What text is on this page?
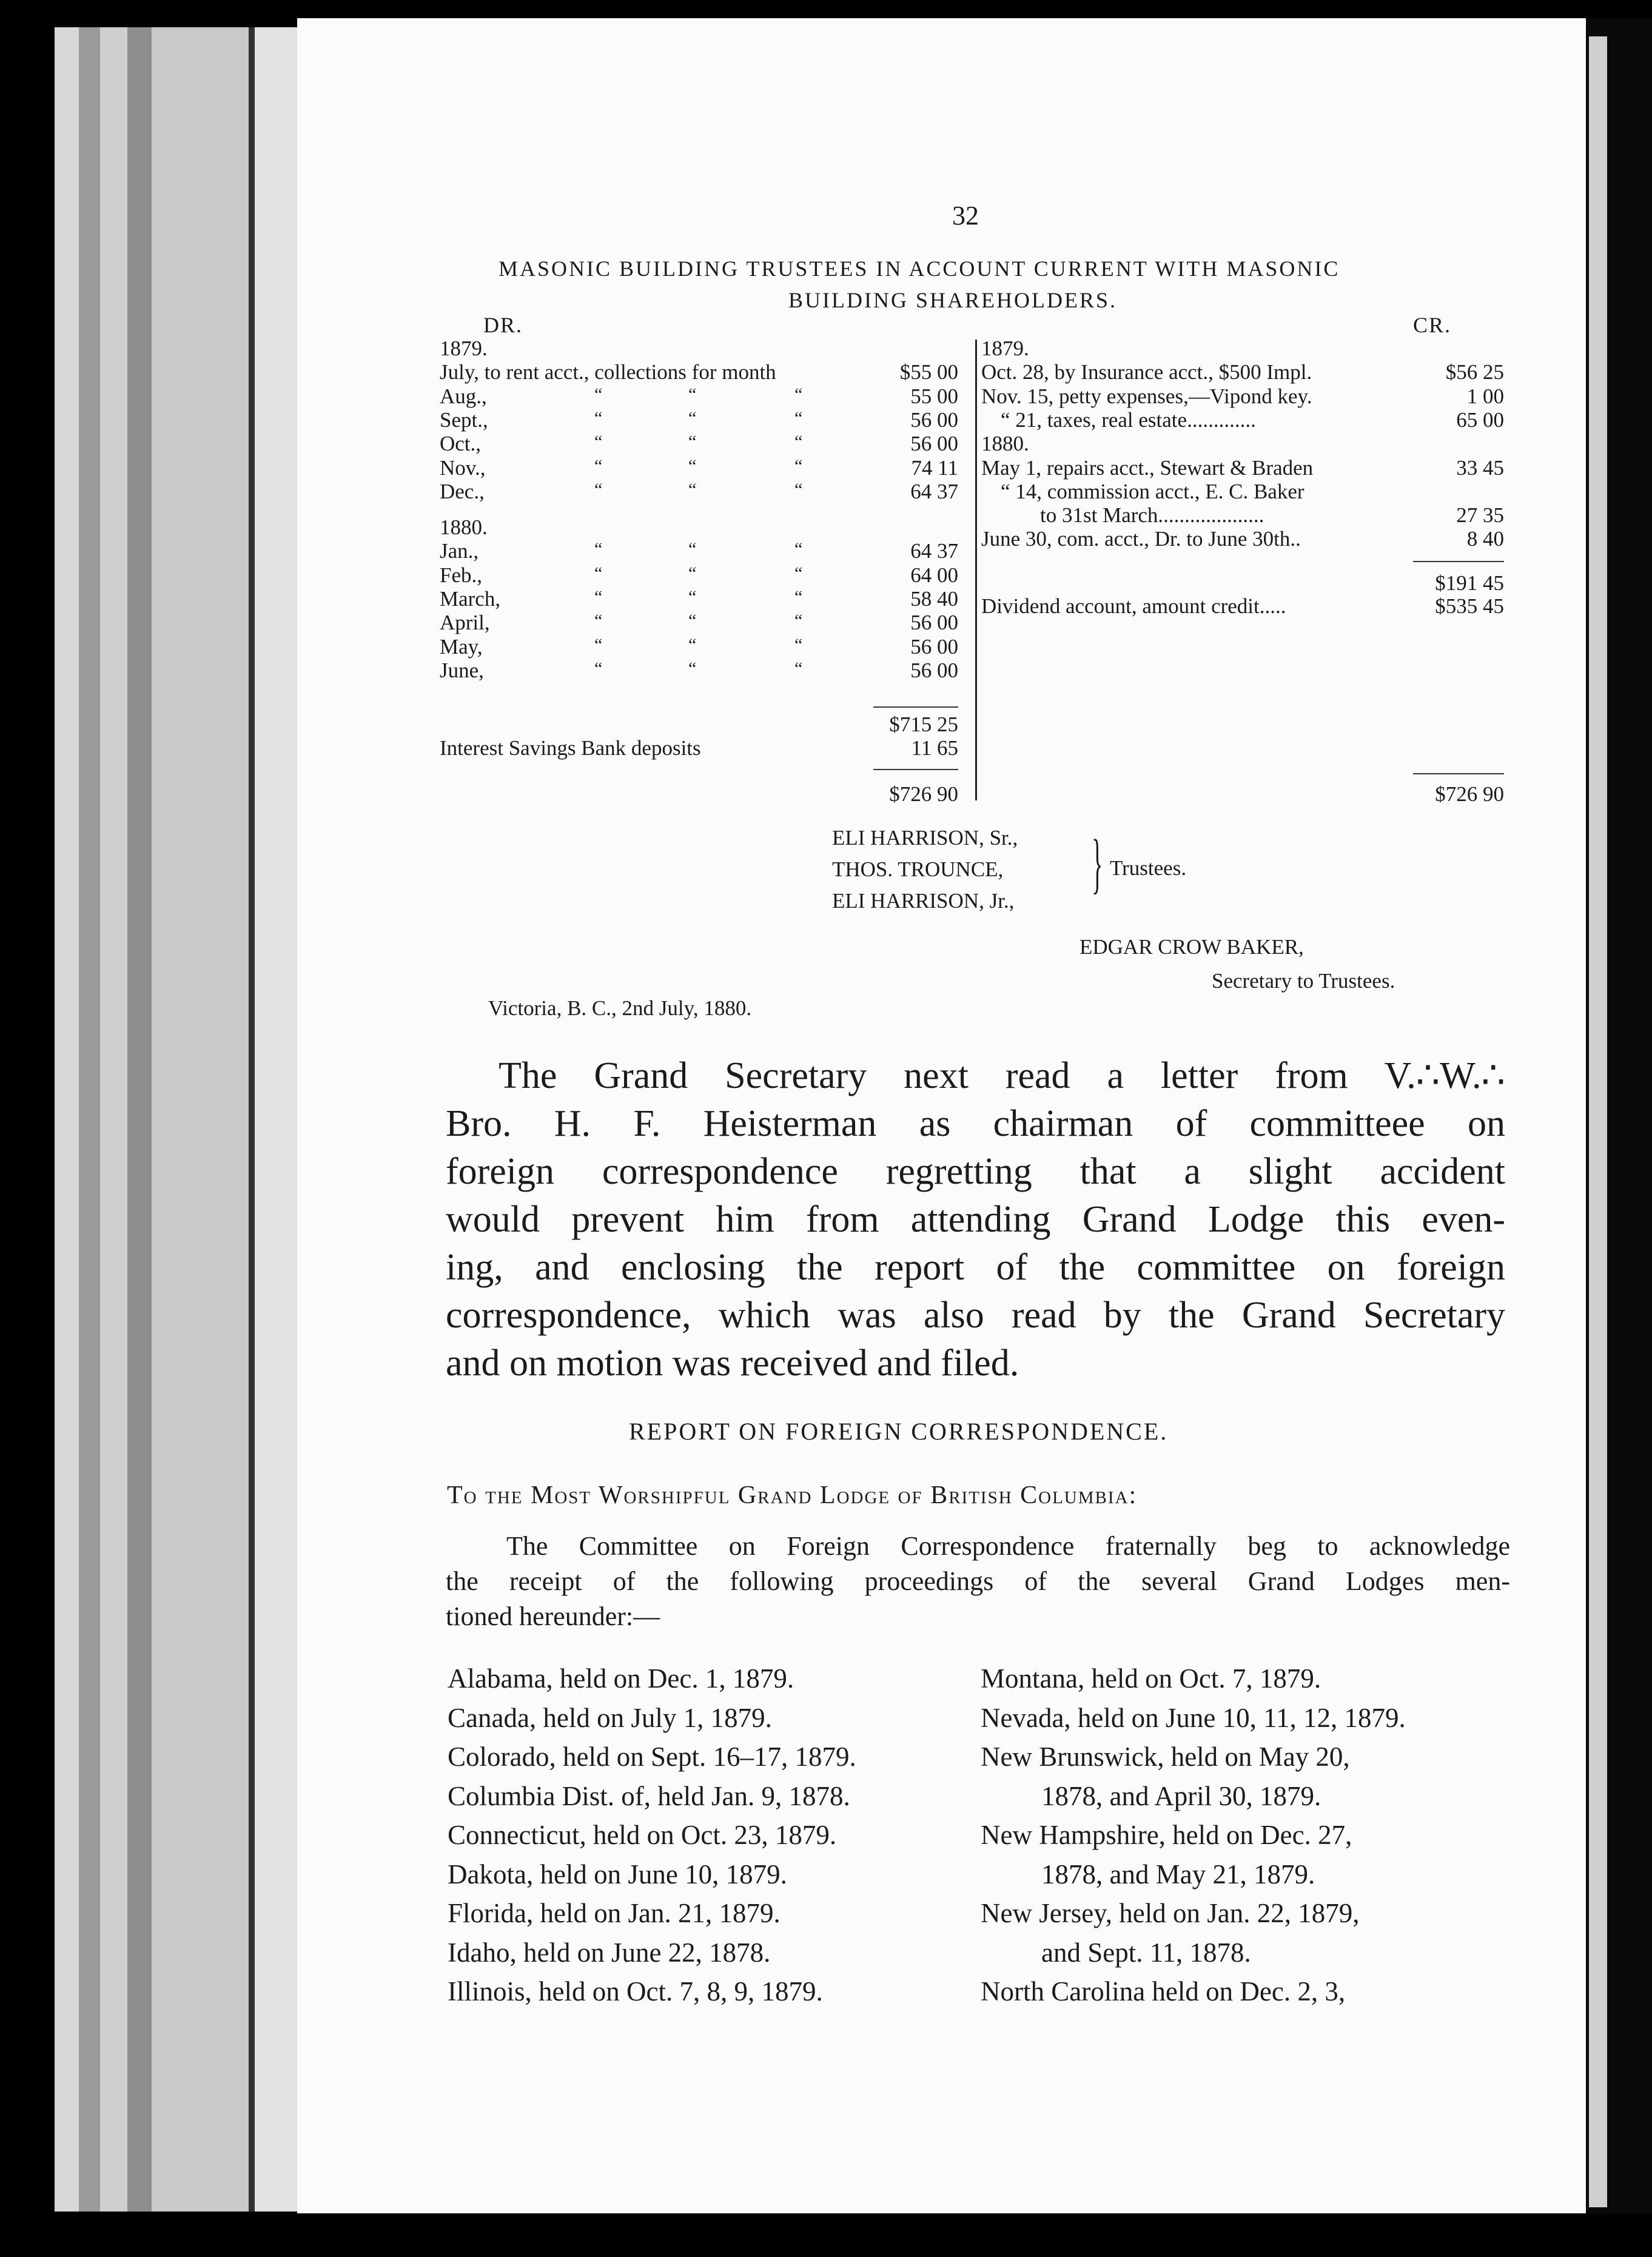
32
MASONIC BUILDING TRUSTEES IN ACCOUNT CURRENT WITH MASONIC
BUILDING SHAREHOLDERS.
DR.	CR.
1879.
July, to rent acct., collections for month	$55 00
Aug.,	“	“	“	55 00
Sept.,	“	“	“	56 00
Oct.,	“	“	“	56 00
Nov.,	“	“	“	74 11
Dec.,	“	“	“	64 37
1880.
Jan.,	“	“	“	64 37
Feb.,	“	“	“	64 00
March,	“	“	“	58 40
April,	“	“	“	56 00
May,	“	“	“	56 00
June,	“	“	“	56 00
$715 25
Interest Savings Bank deposits	11 65
$726 90
1879.
Oct. 28, by Insurance acct., $500 Impl.	$56 25
Nov. 15, petty expenses,—Vipond key.	1 00
“ 21, taxes, real estate.............	65 00
1880.
May 1, repairs acct., Stewart & Braden	33 45
“ 14, commission acct., E. C. Baker
to 31st March....................	27 35
June 30, com. acct., Dr. to June 30th..	8 40
$191 45
Dividend account, amount credit.....	$535 45
$726 90
ELI HARRISON, Sr.,
THOS. TROUNCE,
ELI HARRISON, Jr.,
} Trustees.
EDGAR CROW BAKER,
Secretary to Trustees.
Victoria, B. C., 2nd July, 1880.
The Grand Secretary next read a letter from V.∴W.∴
Bro. H. F. Heisterman as chairman of committeee on
foreign correspondence regretting that a slight accident
would prevent him from attending Grand Lodge this even-
ing, and enclosing the report of the committee on foreign
correspondence, which was also read by the Grand Secretary
and on motion was received and filed.
REPORT ON FOREIGN CORRESPONDENCE.
To the Most Worshipful Grand Lodge of British Columbia:
The Committee on Foreign Correspondence fraternally beg to acknowledge
the receipt of the following proceedings of the several Grand Lodges men-
tioned hereunder:—
Alabama, held on Dec. 1, 1879.
Canada, held on July 1, 1879.
Colorado, held on Sept. 16–17, 1879.
Columbia Dist. of, held Jan. 9, 1878.
Connecticut, held on Oct. 23, 1879.
Dakota, held on June 10, 1879.
Florida, held on Jan. 21, 1879.
Idaho, held on June 22, 1878.
Illinois, held on Oct. 7, 8, 9, 1879.
Montana, held on Oct. 7, 1879.
Nevada, held on June 10, 11, 12, 1879.
New Brunswick, held on May 20,
1878, and April 30, 1879.
New Hampshire, held on Dec. 27,
1878, and May 21, 1879.
New Jersey, held on Jan. 22, 1879,
and Sept. 11, 1878.
North Carolina held on Dec. 2, 3,
